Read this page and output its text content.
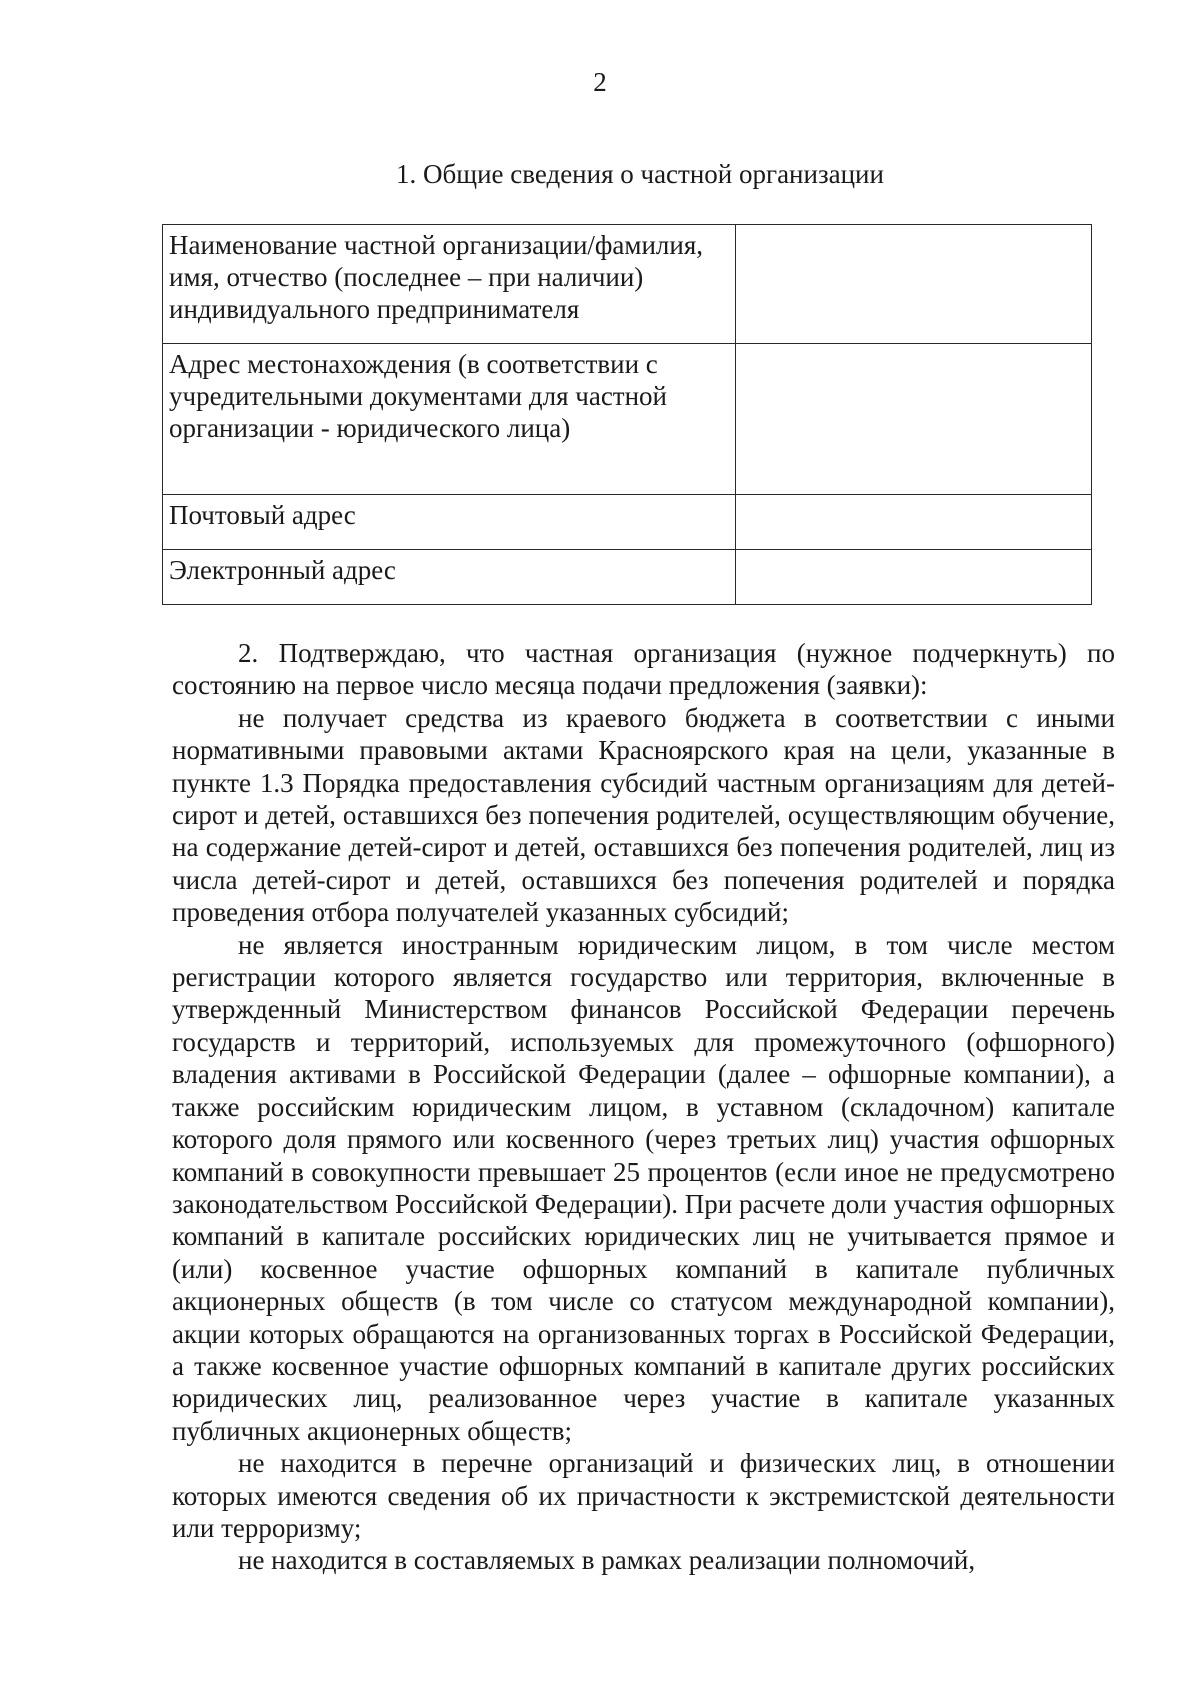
2
1. Общие сведения о частной организации
Наименование частной организации/фамилия, имя, отчество (последнее – при наличии) индивидуального предпринимателя	
Адрес местонахождения (в соответствии с учредительными документами для частной организации - юридического лица)	
Почтовый адрес	
Электронный адрес	

2. Подтверждаю, что частная организация (нужное подчеркнуть) по состоянию на первое число месяца подачи предложения (заявки):

не получает средства из краевого бюджета в соответствии с иными нормативными правовыми актами Красноярского края на цели, указанные в пункте 1.3 Порядка предоставления субсидий частным организациям для детей-сирот и детей, оставшихся без попечения родителей, осуществляющим обучение, на содержание детей-сирот и детей, оставшихся без попечения родителей, лиц из числа детей-сирот и детей, оставшихся без попечения родителей и порядка проведения отбора получателей указанных субсидий;

не является иностранным юридическим лицом, в том числе местом регистрации которого является государство или территория, включенные в утвержденный Министерством финансов Российской Федерации перечень государств и территорий, используемых для промежуточного (офшорного) владения активами в Российской Федерации (далее – офшорные компании), а также российским юридическим лицом, в уставном (складочном) капитале которого доля прямого или косвенного (через третьих лиц) участия офшорных компаний в совокупности превышает 25 процентов (если иное не предусмотрено законодательством Российской Федерации). При расчете доли участия офшорных компаний в капитале российских юридических лиц не учитывается прямое и (или) косвенное участие офшорных компаний в капитале публичных акционерных обществ (в том числе со статусом международной компании), акции которых обращаются на организованных торгах в Российской Федерации, а также косвенное участие офшорных компаний в капитале других российских юридических лиц, реализованное через участие в капитале указанных публичных акционерных обществ;

не находится в перечне организаций и физических лиц, в отношении которых имеются сведения об их причастности к экстремистской деятельности или терроризму;

не находится в составляемых в рамках реализации полномочий,
